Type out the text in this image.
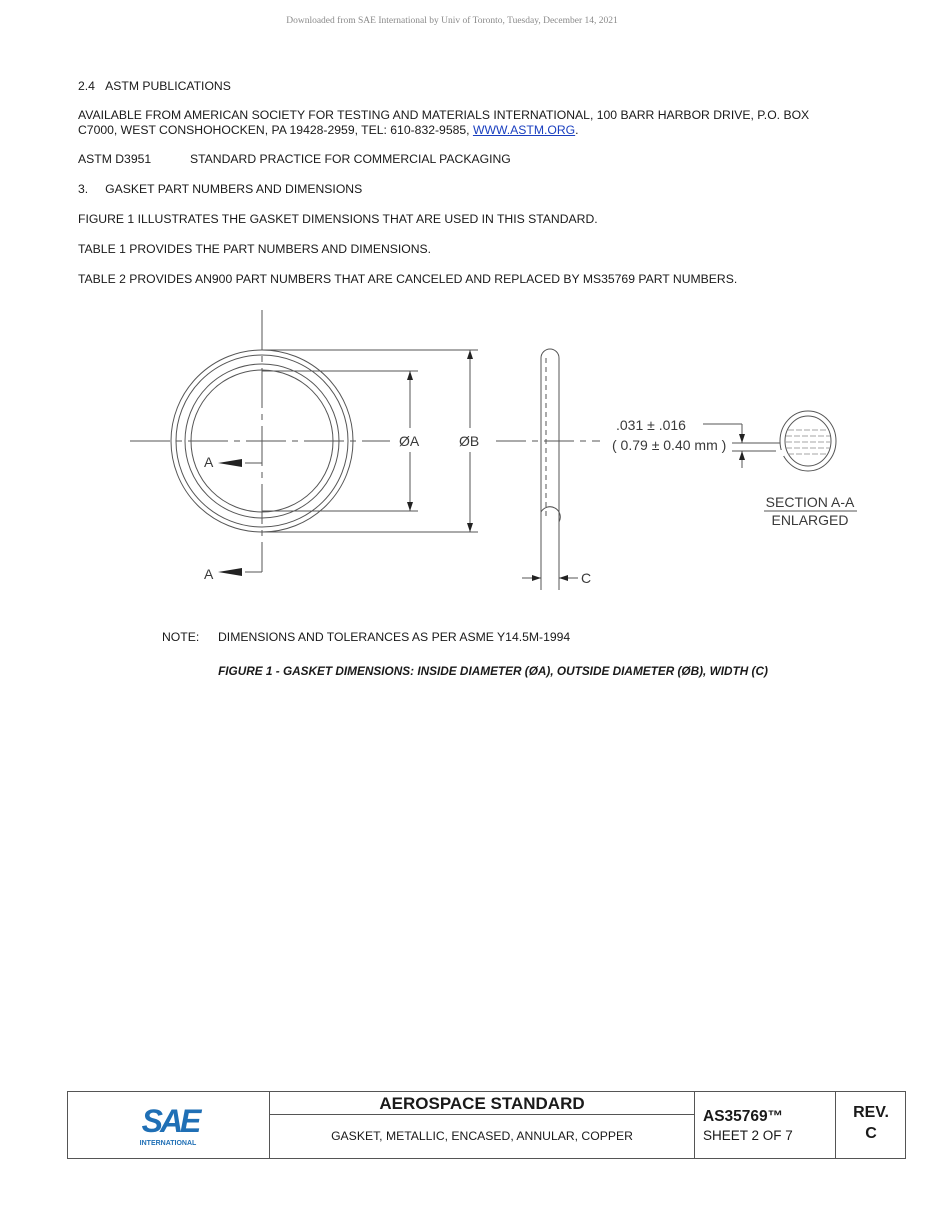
Downloaded from SAE International by Univ of Toronto, Tuesday, December 14, 2021

2.4 ASTM PUBLICATIONS

AVAILABLE FROM AMERICAN SOCIETY FOR TESTING AND MATERIALS INTERNATIONAL, 100 BARR HARBOR DRIVE, P.O. BOX
C7000, WEST CONSHOHOCKEN, PA 19428-2959, TEL: 610-832-9585, WWW.ASTM.ORG.

ASTM D3951	STANDARD PRACTICE FOR COMMERCIAL PACKAGING

3. GASKET PART NUMBERS AND DIMENSIONS

FIGURE 1 ILLUSTRATES THE GASKET DIMENSIONS THAT ARE USED IN THIS STANDARD.

TABLE 1 PROVIDES THE PART NUMBERS AND DIMENSIONS.

TABLE 2 PROVIDES AN900 PART NUMBERS THAT ARE CANCELED AND REPLACED BY MS35769 PART NUMBERS.

A
A
ØA	ØB
C
.031 ± .016
( 0.79 ± 0.40 mm )
SECTION A-A
ENLARGED
NOTE: DIMENSIONS AND TOLERANCES AS PER ASME Y14.5M-1994
FIGURE 1 - GASKET DIMENSIONS: INSIDE DIAMETER (ØA), OUTSIDE DIAMETER (ØB), WIDTH (C)
SAE
INTERNATIONAL
AEROSPACE STANDARD
GASKET, METALLIC, ENCASED, ANNULAR, COPPER
AS35769™
SHEET 2 OF 7
REV.
C
